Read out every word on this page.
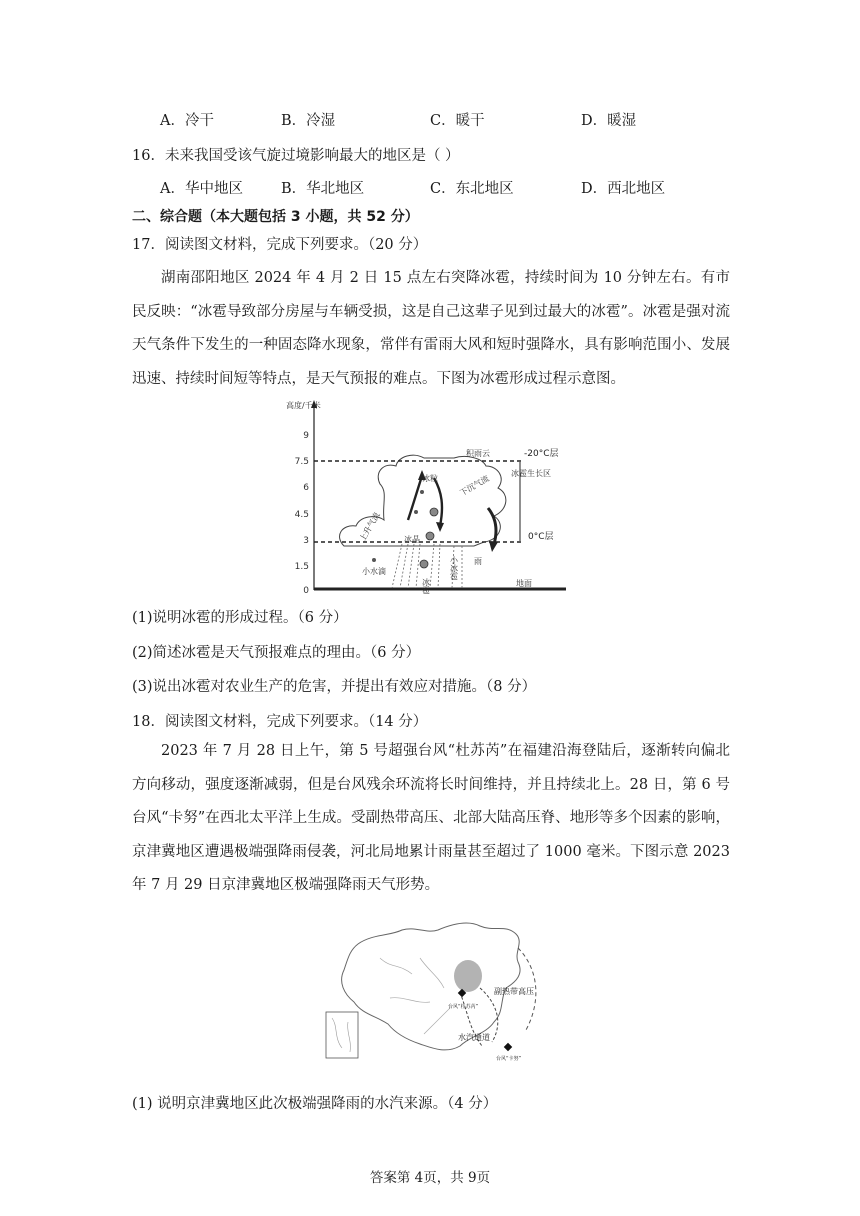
A．冷干	B．冷湿	C．暖干	D．暖湿
16．未来我国受该气旋过境影响最大的地区是（ ）
A．华中地区	B．华北地区	C．东北地区	D．西北地区
二、综合题（本大题包括 3 小题，共 52 分）
17．阅读图文材料，完成下列要求。（20 分）
湖南邵阳地区 2024 年 4 月 2 日 15 点左右突降冰雹，持续时间为 10 分钟左右。有市民反映：“冰雹导致部分房屋与车辆受损，这是自己这辈子见到过最大的冰雹”。冰雹是强对流天气条件下发生的一种固态降水现象，常伴有雷雨大风和短时强降水，具有影响范围小、发展迅速、持续时间短等特点，是天气预报的难点。下图为冰雹形成过程示意图。
高度/千米
9
7.5
6
4.5
3
1.5
0
-20°C层
0°C层
积雨云
冰雹生长区
冰粒	下沉气流
上升气流	冰晶
小水滴
冰雹
小冰雹 雨
地面
(1)说明冰雹的形成过程。（6 分）
(2)简述冰雹是天气预报难点的理由。（6 分）
(3)说出冰雹对农业生产的危害，并提出有效应对措施。（8 分）
18．阅读图文材料，完成下列要求。（14 分）
2023 年 7 月 28 日上午，第 5 号超强台风“杜苏芮”在福建沿海登陆后，逐渐转向偏北方向移动，强度逐渐减弱，但是台风残余环流将长时间维持，并且持续北上。28 日，第 6 号台风“卡努”在西北太平洋上生成。受副热带高压、北部大陆高压脊、地形等多个因素的影响，京津冀地区遭遇极端强降雨侵袭，河北局地累计雨量甚至超过了 1000 毫米。下图示意 2023 年 7 月 29 日京津冀地区极端强降雨天气形势。
副热带高压
水汽通道
台风“杜苏芮”
台风“卡努”
(1) 说明京津冀地区此次极端强降雨的水汽来源。（4 分）
答案第 4页，共 9页
